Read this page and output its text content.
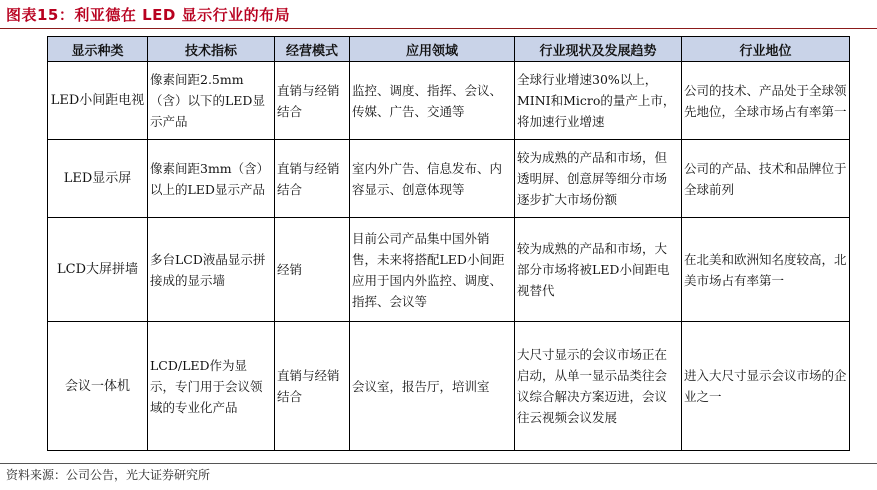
图表15：利亚德在 LED 显示行业的布局
显示种类	技术指标	经营模式	应用领域	行业现状及发展趋势	行业地位
LED小间距电视	像素间距2.5mm（含）以下的LED显示产品	直销与经销结合	监控、调度、指挥、会议、传媒、广告、交通等	全球行业增速30%以上，MINI和Micro的量产上市，将加速行业增速	公司的技术、产品处于全球领先地位，全球市场占有率第一
LED显示屏	像素间距3mm（含）以上的LED显示产品	直销与经销结合	室内外广告、信息发布、内容显示、创意体现等	较为成熟的产品和市场，但透明屏、创意屏等细分市场逐步扩大市场份额	公司的产品、技术和品牌位于全球前列
LCD大屏拼墙	多台LCD液晶显示拼接成的显示墙	经销	目前公司产品集中国外销售，未来将搭配LED小间距应用于国内外监控、调度、指挥、会议等	较为成熟的产品和市场，大部分市场将被LED小间距电视替代	在北美和欧洲知名度较高，北美市场占有率第一
会议一体机	LCD/LED作为显示，专门用于会议领域的专业化产品	直销与经销结合	会议室，报告厅，培训室	大尺寸显示的会议市场正在启动，从单一显示品类往会议综合解决方案迈进，会议往云视频会议发展	进入大尺寸显示会议市场的企业之一
资料来源：公司公告，光大证券研究所
